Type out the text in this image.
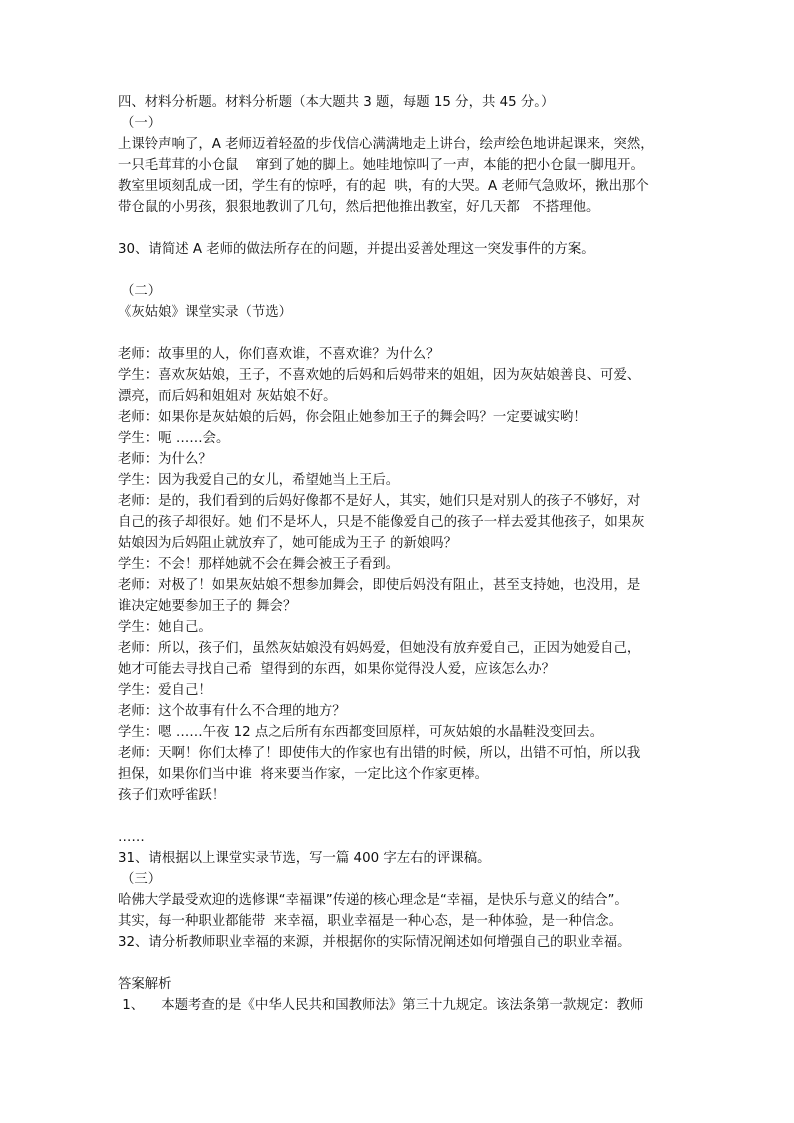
四、材料分析题。材料分析题（本大题共 3 题，每题 15 分，共 45 分。）

（一）

上课铃声响了，A 老师迈着轻盈的步伐信心满满地走上讲台，绘声绘色地讲起课来，突然，

一只毛茸茸的小仓鼠    窜到了她的脚上。她哇地惊叫了一声，本能的把小仓鼠一脚甩开。

教室里顷刻乱成一团，学生有的惊呼，有的起  哄，有的大哭。A 老师气急败坏，揪出那个

带仓鼠的小男孩，狠狠地教训了几句，然后把他推出教室，好几天都   不搭理他。

30、请简述 A 老师的做法所存在的问题，并提出妥善处理这一突发事件的方案。

（二）

《灰姑娘》课堂实录（节选）

老师：故事里的人，你们喜欢谁，不喜欢谁？为什么？

学生：喜欢灰姑娘，王子，不喜欢她的后妈和后妈带来的姐姐，因为灰姑娘善良、可爱、

漂亮，而后妈和姐姐对 灰姑娘不好。

老师：如果你是灰姑娘的后妈，你会阻止她参加王子的舞会吗？一定要诚实哟！

学生：呃 ……会。

老师：为什么？

学生：因为我爱自己的女儿，希望她当上王后。

老师：是的，我们看到的后妈好像都不是好人，其实，她们只是对别人的孩子不够好，对

自己的孩子却很好。她 们不是坏人，只是不能像爱自己的孩子一样去爱其他孩子，如果灰

姑娘因为后妈阻止就放弃了，她可能成为王子 的新娘吗？

学生：不会！那样她就不会在舞会被王子看到。

老师：对极了！如果灰姑娘不想参加舞会，即使后妈没有阻止，甚至支持她，也没用，是

谁决定她要参加王子的 舞会？

学生：她自己。

老师：所以，孩子们，虽然灰姑娘没有妈妈爱，但她没有放弃爱自己，正因为她爱自己，

她才可能去寻找自己希  望得到的东西，如果你觉得没人爱，应该怎么办？

学生：爱自己！

老师：这个故事有什么不合理的地方？

学生：嗯 ……午夜 12 点之后所有东西都变回原样，可灰姑娘的水晶鞋没变回去。

老师：天啊！你们太棒了！即使伟大的作家也有出错的时候，所以，出错不可怕，所以我

担保，如果你们当中谁  将来要当作家，一定比这个作家更棒。

孩子们欢呼雀跃！

……

31、请根据以上课堂实录节选，写一篇 400 字左右的评课稿。

（三）

哈佛大学最受欢迎的选修课“幸福课”传递的核心理念是“幸福，是快乐与意义的结合”。

其实，每一种职业都能带  来幸福，职业幸福是一种心态，是一种体验，是一种信念。

32、请分析教师职业幸福的来源，并根据你的实际情况阐述如何增强自己的职业幸福。

答案解析

1、    本题考查的是《中华人民共和国教师法》第三十九规定。该法条第一款规定：教师
